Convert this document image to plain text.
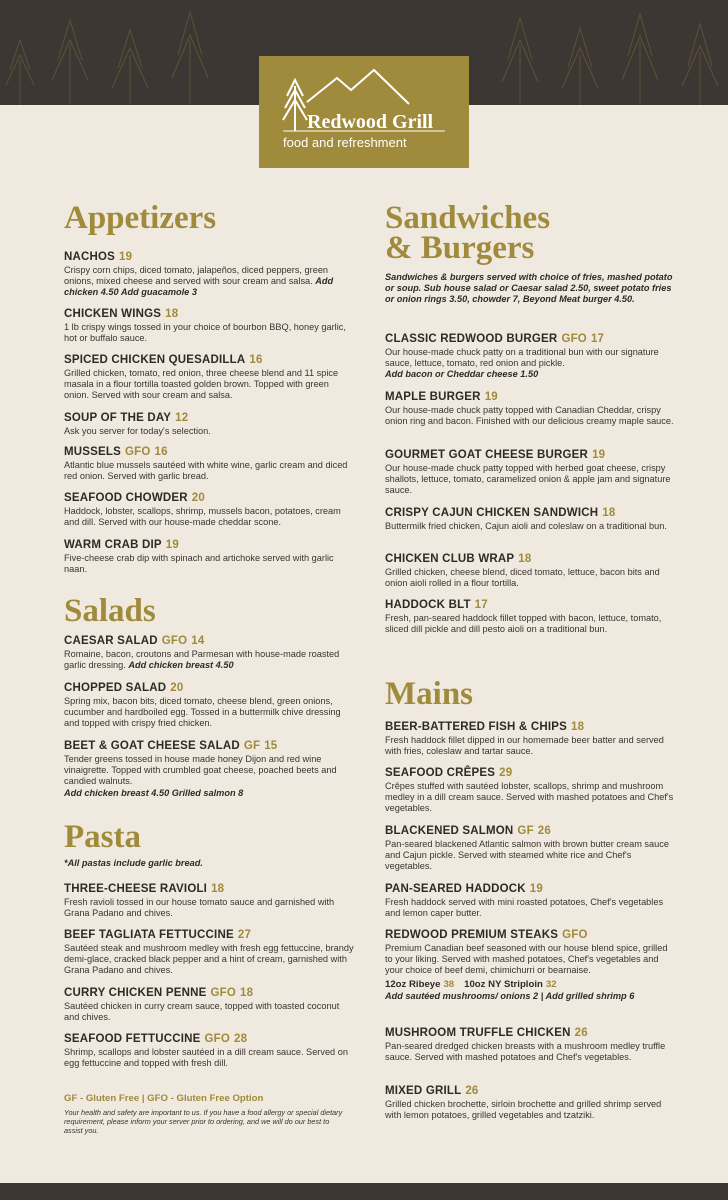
Redwood Grill
food and refreshment
Appetizers
NACHOS 19
Crispy corn chips, diced tomato, jalapeños, diced peppers, green onions, mixed cheese and served with sour cream and salsa. Add chicken 4.50 Add guacamole 3
CHICKEN WINGS 18
1 lb crispy wings tossed in your choice of bourbon BBQ, honey garlic, hot or buffalo sauce.
SPICED CHICKEN QUESADILLA 16
Grilled chicken, tomato, red onion, three cheese blend and 11 spice masala in a flour tortilla toasted golden brown. Topped with green onion. Served with sour cream and salsa.
SOUP OF THE DAY 12
Ask you server for today's selection.
MUSSELS GFO 16
Atlantic blue mussels sautéed with white wine, garlic cream and diced red onion. Served with garlic bread.
SEAFOOD CHOWDER 20
Haddock, lobster, scallops, shrimp, mussels bacon, potatoes, cream and dill. Served with our house-made cheddar scone.
WARM CRAB DIP 19
Five-cheese crab dip with spinach and artichoke served with garlic naan.
Salads
CAESAR SALAD GFO 14
Romaine, bacon, croutons and Parmesan with house-made roasted garlic dressing. Add chicken breast 4.50
CHOPPED SALAD 20
Spring mix, bacon bits, diced tomato, cheese blend, green onions, cucumber and hardboiled egg. Tossed in a buttermilk chive dressing and topped with crispy fried chicken.
BEET & GOAT CHEESE SALAD GF 15
Tender greens tossed in house made honey Dijon and red wine vinaigrette. Topped with crumbled goat cheese, poached beets and candied walnuts.
Add chicken breast 4.50 Grilled salmon 8
Pasta
*All pastas include garlic bread.
THREE-CHEESE RAVIOLI 18
Fresh ravioli tossed in our house tomato sauce and garnished with Grana Padano and chives.
BEEF TAGLIATA FETTUCCINE 27
Sautéed steak and mushroom medley with fresh egg fettuccine, brandy demi-glace, cracked black pepper and a hint of cream, garnished with Grana Padano and chives.
CURRY CHICKEN PENNE GFO 18
Sautéed chicken in curry cream sauce, topped with toasted coconut and chives.
SEAFOOD FETTUCCINE GFO 28
Shrimp, scallops and lobster sautéed in a dill cream sauce. Served on egg fettuccine and topped with fresh dill.
GF - Gluten Free | GFO - Gluten Free Option
Your health and safety are important to us. If you have a food allergy or special dietary requirement, please inform your server prior to ordering, and we will do our best to assist you.
Sandwiches
& Burgers
Sandwiches & burgers served with choice of fries, mashed potato or soup. Sub house salad or Caesar salad 2.50, sweet potato fries or onion rings 3.50, chowder 7, Beyond Meat burger 4.50.
CLASSIC REDWOOD BURGER GFO 17
Our house-made chuck patty on a traditional bun with our signature sauce, lettuce, tomato, red onion and pickle.
Add bacon or Cheddar cheese 1.50
MAPLE BURGER 19
Our house-made chuck patty topped with Canadian Cheddar, crispy onion ring and bacon. Finished with our delicious creamy maple sauce.
GOURMET GOAT CHEESE BURGER 19
Our house-made chuck patty topped with herbed goat cheese, crispy shallots, lettuce, tomato, caramelized onion & apple jam and signature sauce.
CRISPY CAJUN CHICKEN SANDWICH 18
Buttermilk fried chicken, Cajun aioli and coleslaw on a traditional bun.
CHICKEN CLUB WRAP 18
Grilled chicken, cheese blend, diced tomato, lettuce, bacon bits and onion aioli rolled in a flour tortilla.
HADDOCK BLT 17
Fresh, pan-seared haddock fillet topped with bacon, lettuce, tomato, sliced dill pickle and dill pesto aioli on a traditional bun.
Mains
BEER-BATTERED FISH & CHIPS 18
Fresh haddock fillet dipped in our homemade beer batter and served with fries, coleslaw and tartar sauce.
SEAFOOD CRÊPES 29
Crêpes stuffed with sautéed lobster, scallops, shrimp and mushroom medley in a dill cream sauce. Served with mashed potatoes and Chef's vegetables.
BLACKENED SALMON GF 26
Pan-seared blackened Atlantic salmon with brown butter cream sauce and Cajun pickle. Served with steamed white rice and Chef's vegetables.
PAN-SEARED HADDOCK 19
Fresh haddock served with mini roasted potatoes, Chef's vegetables and lemon caper butter.
REDWOOD PREMIUM STEAKS GFO
Premium Canadian beef seasoned with our house blend spice, grilled to your liking. Served with mashed potatoes, Chef's vegetables and your choice of beef demi, chimichurri or bearnaise.
12oz Ribeye 38 10oz NY Striploin 32
Add sautéed mushrooms/ onions 2 | Add grilled shrimp 6
MUSHROOM TRUFFLE CHICKEN 26
Pan-seared dredged chicken breasts with a mushroom medley truffle sauce. Served with mashed potatoes and Chef's vegetables.
MIXED GRILL 26
Grilled chicken brochette, sirloin brochette and grilled shrimp served with lemon potatoes, grilled vegetables and tzatziki.
